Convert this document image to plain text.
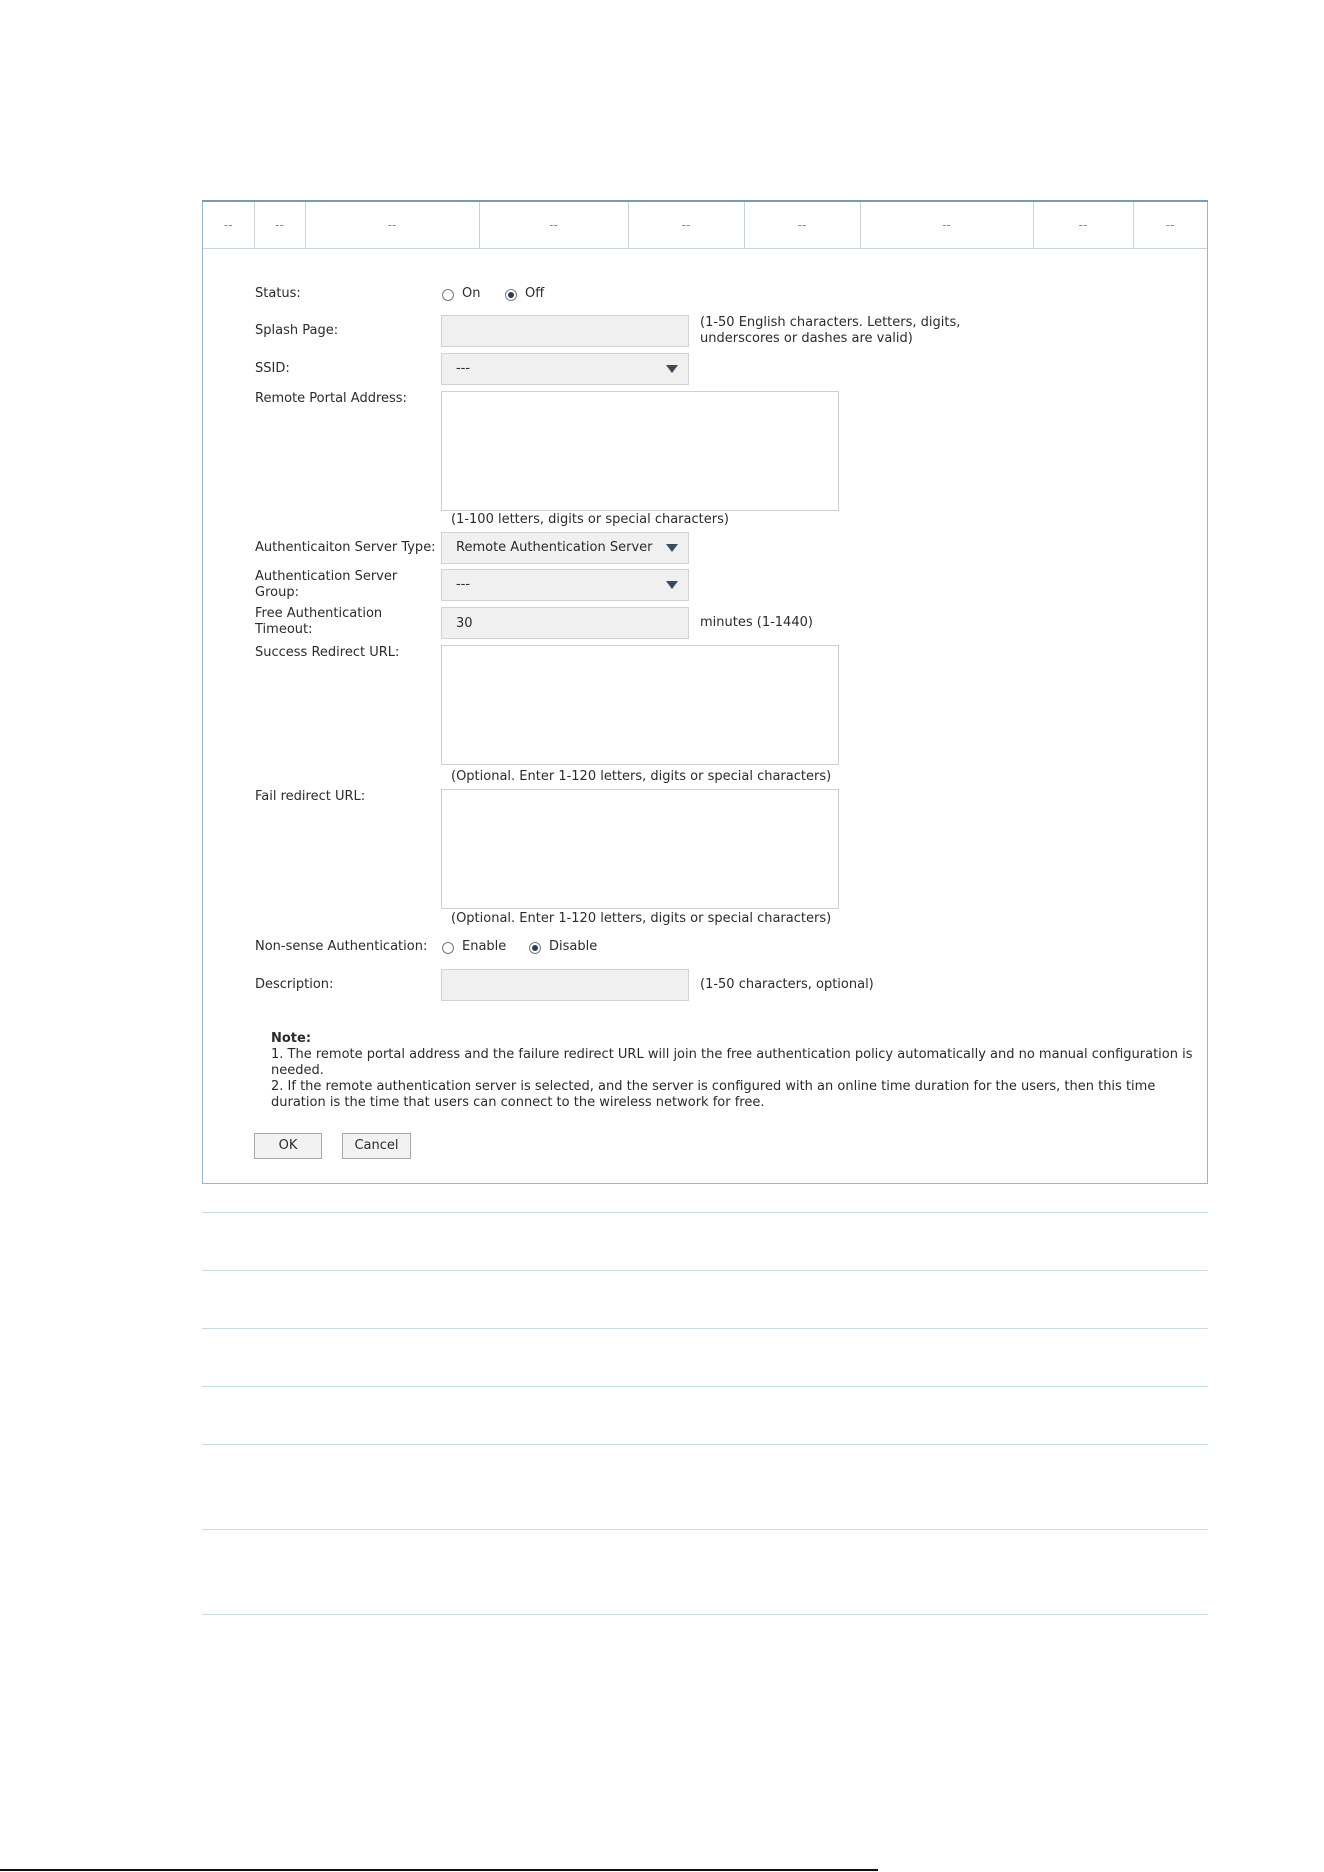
--	--	--	--	--	--	--	--	--
Status:	On	Off
Splash Page:
(1-50 English characters. Letters, digits,
underscores or dashes are valid)
SSID:	---
Remote Portal Address:
(1-100 letters, digits or special characters)
Authenticaiton Server Type:	Remote Authentication Server
Authentication Server
Group:
---
Free Authentication
Timeout:
30	minutes (1-1440)
Success Redirect URL:
(Optional. Enter 1-120 letters, digits or special characters)
Fail redirect URL:
(Optional. Enter 1-120 letters, digits or special characters)
Non-sense Authentication:	Enable	Disable
Description:	(1-50 characters, optional)
Note:
1. The remote portal address and the failure redirect URL will join the free authentication policy automatically and no manual configuration is needed.
2. If the remote authentication server is selected, and the server is configured with an online time duration for the users, then this time duration is the time that users can connect to the wireless network for free.
OK	Cancel
